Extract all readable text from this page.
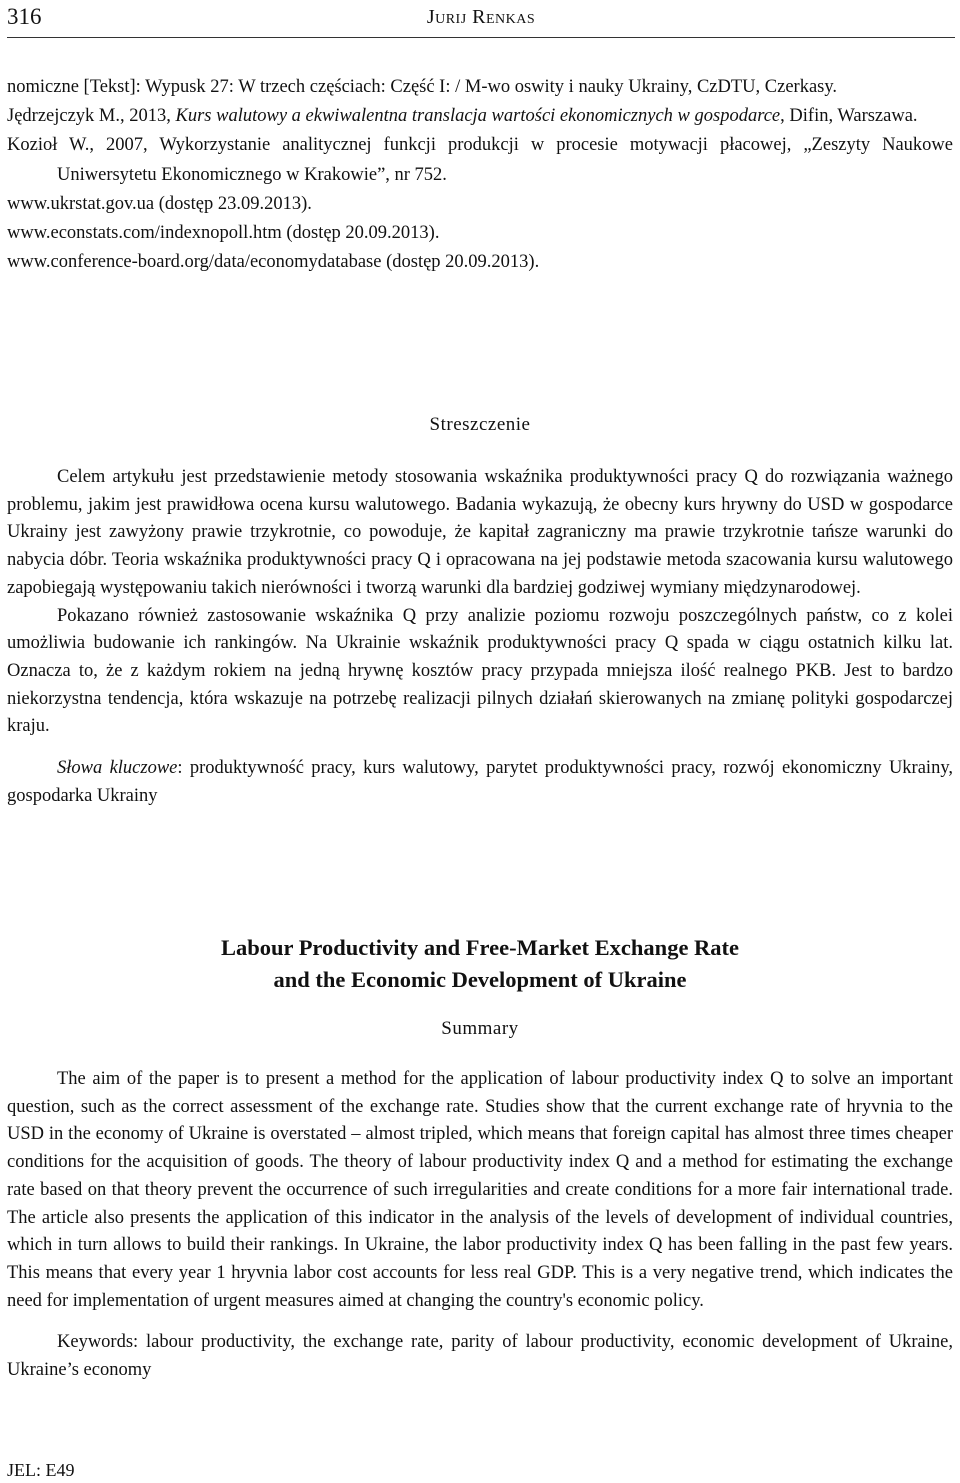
316	Jurij Renkas

nomiczne [Tekst]: Wypusk 27: W trzech częściach: Część I: / M-wo oswity i nauky Ukrainy, CzDTU, Czerkasy.

Jędrzejczyk M., 2013, Kurs walutowy a ekwiwalentna translacja wartości ekonomicznych w gospodarce, Difin, Warszawa.

Kozioł W., 2007, Wykorzystanie analitycznej funkcji produkcji w procesie motywacji płacowej, „Zeszyty Naukowe Uniwersytetu Ekonomicznego w Krakowie”, nr 752.

www.ukrstat.gov.ua (dostęp 23.09.2013).

www.econstats.com/indexnopoll.htm (dostęp 20.09.2013).

www.conference-board.org/data/economydatabase (dostęp 20.09.2013).

Streszczenie

Celem artykułu jest przedstawienie metody stosowania wskaźnika produktywności pracy Q do rozwiązania ważnego problemu, jakim jest prawidłowa ocena kursu walutowego. Badania wykazują, że obecny kurs hrywny do USD w gospodarce Ukrainy jest zawyżony prawie trzykrotnie, co powoduje, że kapitał zagraniczny ma prawie trzykrotnie tańsze warunki do nabycia dóbr. Teoria wskaźnika produktywności pracy Q i opracowana na jej podstawie metoda szacowania kursu walutowego zapobiegają występowaniu takich nierówności i tworzą warunki dla bardziej godziwej wymiany międzynarodowej.

Pokazano również zastosowanie wskaźnika Q przy analizie poziomu rozwoju poszczególnych państw, co z kolei umożliwia budowanie ich rankingów. Na Ukrainie wskaźnik produktywności pracy Q spada w ciągu ostatnich kilku lat. Oznacza to, że z każdym rokiem na jedną hrywnę kosztów pracy przypada mniejsza ilość realnego PKB. Jest to bardzo niekorzystna tendencja, która wskazuje na potrzebę realizacji pilnych działań skierowanych na zmianę polityki gospodarczej kraju.

Słowa kluczowe: produktywność pracy, kurs walutowy, parytet produktywności pracy, rozwój ekonomiczny Ukrainy, gospodarka Ukrainy

Labour Productivity and Free-Market Exchange Rate
and the Economic Development of Ukraine
Summary

The aim of the paper is to present a method for the application of labour productivity index Q to solve an important question, such as the correct assessment of the exchange rate. Studies show that the current exchange rate of hryvnia to the USD in the economy of Ukraine is overstated – almost tripled, which means that foreign capital has almost three times cheaper conditions for the acquisition of goods. The theory of labour productivity index Q and a method for estimating the exchange rate based on that theory prevent the occurrence of such irregularities and create conditions for a more fair international trade. The article also presents the application of this indicator in the analysis of the levels of development of individual countries, which in turn allows to build their rankings. In Ukraine, the labor productivity index Q has been falling in the past few years. This means that every year 1 hryvnia labor cost accounts for less real GDP. This is a very negative trend, which indicates the need for implementation of urgent measures aimed at changing the country's economic policy.

Keywords: labour productivity, the exchange rate, parity of labour productivity, economic development of Ukraine, Ukraine’s economy

JEL: E49
